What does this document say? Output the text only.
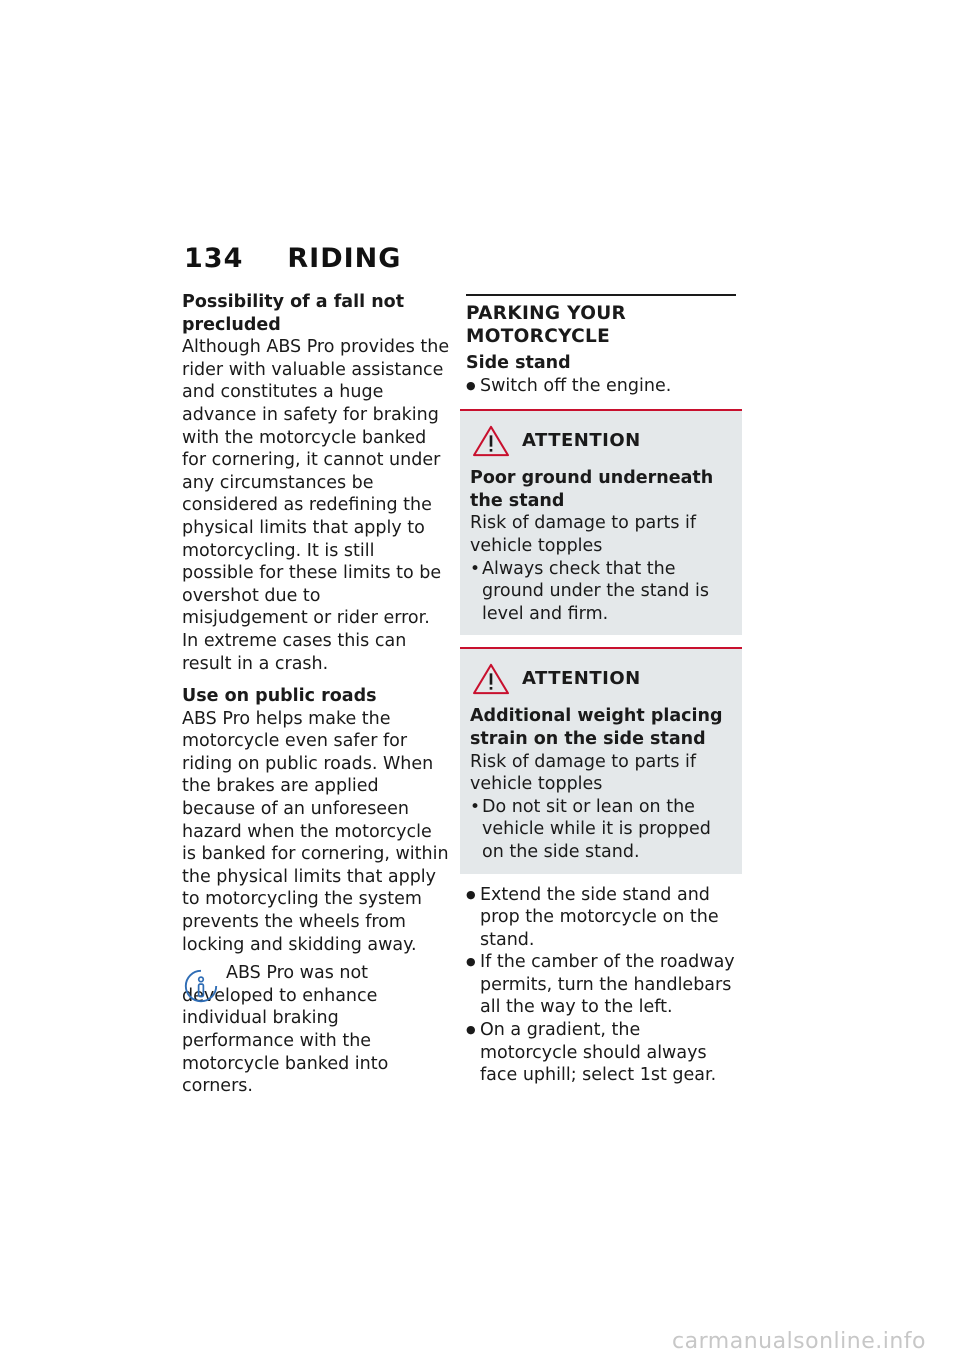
134 RIDING

Possibility of a fall not precluded

Although ABS Pro provides the rider with valuable assistance and constitutes a huge advance in safety for braking with the motorcycle banked for cornering, it cannot under any circumstances be considered as redefining the physical limits that apply to motorcycling. It is still possible for these limits to be overshot due to misjudgement or rider error. In extreme cases this can result in a crash.

Use on public roads

ABS Pro helps make the motorcycle even safer for riding on public roads. When the brakes are applied because of an unforeseen hazard when the motorcycle is banked for cornering, within the physical limits that apply to motorcycling the system prevents the wheels from locking and skidding away.

ABS Pro was not developed to enhance individual braking performance with the motorcycle banked into corners.

PARKING YOUR MOTORCYCLE

Side stand

● Switch off the engine.
ATTENTION

Poor ground underneath the stand

Risk of damage to parts if vehicle topples

• Always check that the ground under the stand is level and firm.
ATTENTION

Additional weight placing strain on the side stand

Risk of damage to parts if vehicle topples

• Do not sit or lean on the vehicle while it is propped on the side stand.
● Extend the side stand and prop the motorcycle on the stand.
● If the camber of the roadway permits, turn the handlebars all the way to the left.
● On a gradient, the motorcycle should always face uphill; select 1st gear.
carmanualsonline.info
